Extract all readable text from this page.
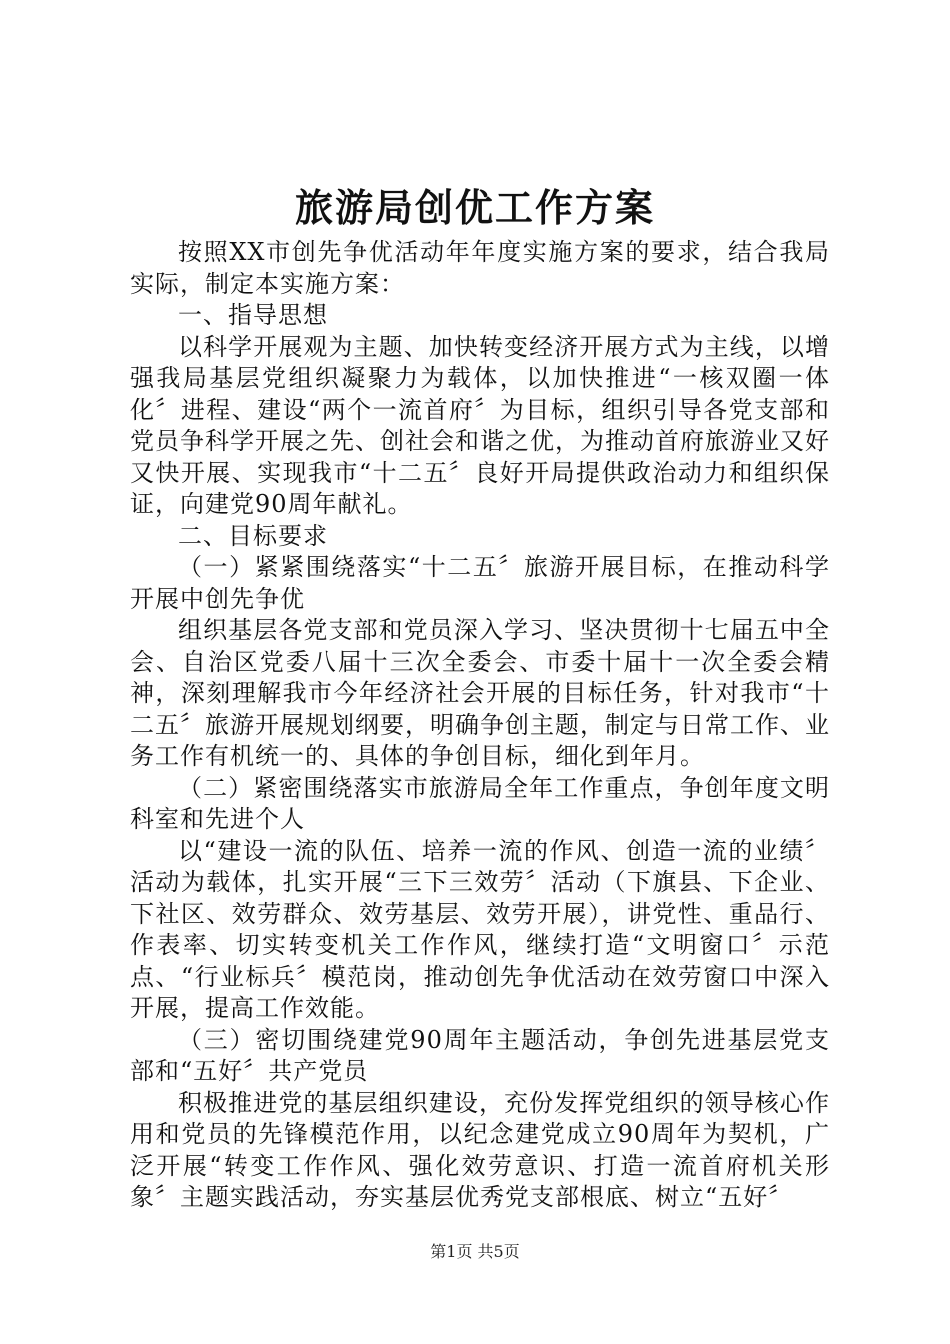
旅游局创优工作方案

按照XX市创先争优活动年年度实施方案的要求，结合我局实际，制定本实施方案：

一、指导思想

以科学开展观为主题、加快转变经济开展方式为主线，以增强我局基层党组织凝聚力为载体，以加快推进“一核双圈一体化〞进程、建设“两个一流首府〞为目标，组织引导各党支部和党员争科学开展之先、创社会和谐之优，为推动首府旅游业又好又快开展、实现我市“十二五〞良好开局提供政治动力和组织保证，向建党90周年献礼。

二、目标要求

（一）紧紧围绕落实“十二五〞旅游开展目标，在推动科学开展中创先争优

组织基层各党支部和党员深入学习、坚决贯彻十七届五中全会、自治区党委八届十三次全委会、市委十届十一次全委会精神，深刻理解我市今年经济社会开展的目标任务，针对我市“十二五〞旅游开展规划纲要，明确争创主题，制定与日常工作、业务工作有机统一的、具体的争创目标，细化到年月。

（二）紧密围绕落实市旅游局全年工作重点，争创年度文明科室和先进个人

以“建设一流的队伍、培养一流的作风、创造一流的业绩〞活动为载体，扎实开展“三下三效劳〞活动（下旗县、下企业、下社区、效劳群众、效劳基层、效劳开展），讲党性、重品行、作表率、切实转变机关工作作风，继续打造“文明窗口〞示范点、“行业标兵〞模范岗，推动创先争优活动在效劳窗口中深入开展，提高工作效能。

（三）密切围绕建党90周年主题活动，争创先进基层党支部和“五好〞共产党员

积极推进党的基层组织建设，充份发挥党组织的领导核心作用和党员的先锋模范作用，以纪念建党成立90周年为契机，广泛开展“转变工作作风、强化效劳意识、打造一流首府机关形象〞主题实践活动，夯实基层优秀党支部根底、树立“五好〞

第1页 共5页
